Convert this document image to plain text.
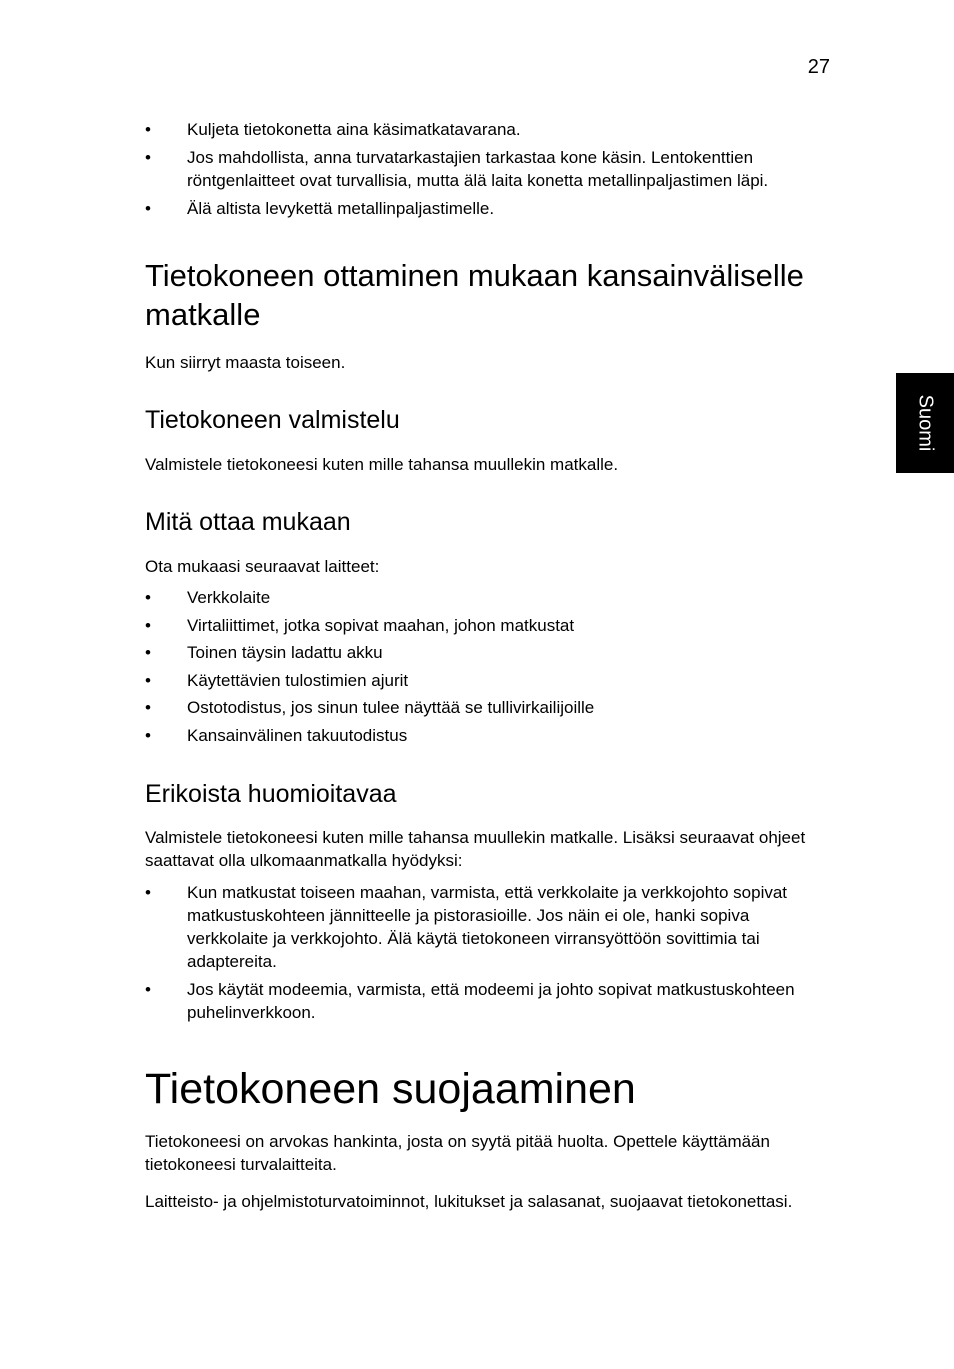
27
Suomi
• Kuljeta tietokonetta aina käsimatkatavarana.
• Jos mahdollista, anna turvatarkastajien tarkastaa kone käsin. Lentokenttien röntgenlaitteet ovat turvallisia, mutta älä laita konetta metallinpaljastimen läpi.
• Älä altista levykettä metallinpaljastimelle.
Tietokoneen ottaminen mukaan kansainväliselle matkalle

Kun siirryt maasta toiseen.

Tietokoneen valmistelu

Valmistele tietokoneesi kuten mille tahansa muullekin matkalle.

Mitä ottaa mukaan

Ota mukaasi seuraavat laitteet:

• Verkkolaite
• Virtaliittimet, jotka sopivat maahan, johon matkustat
• Toinen täysin ladattu akku
• Käytettävien tulostimien ajurit
• Ostotodistus, jos sinun tulee näyttää se tullivirkailijoille
• Kansainvälinen takuutodistus
Erikoista huomioitavaa

Valmistele tietokoneesi kuten mille tahansa muullekin matkalle. Lisäksi seuraavat ohjeet saattavat olla ulkomaanmatkalla hyödyksi:

• Kun matkustat toiseen maahan, varmista, että verkkolaite ja verkkojohto sopivat matkustuskohteen jännitteelle ja pistorasioille. Jos näin ei ole, hanki sopiva verkkolaite ja verkkojohto. Älä käytä tietokoneen virransyöttöön sovittimia tai adaptereita.
• Jos käytät modeemia, varmista, että modeemi ja johto sopivat matkustuskohteen puhelinverkkoon.
Tietokoneen suojaaminen

Tietokoneesi on arvokas hankinta, josta on syytä pitää huolta. Opettele käyttämään tietokoneesi turvalaitteita.

Laitteisto- ja ohjelmistoturvatoiminnot, lukitukset ja salasanat, suojaavat tietokonettasi.
